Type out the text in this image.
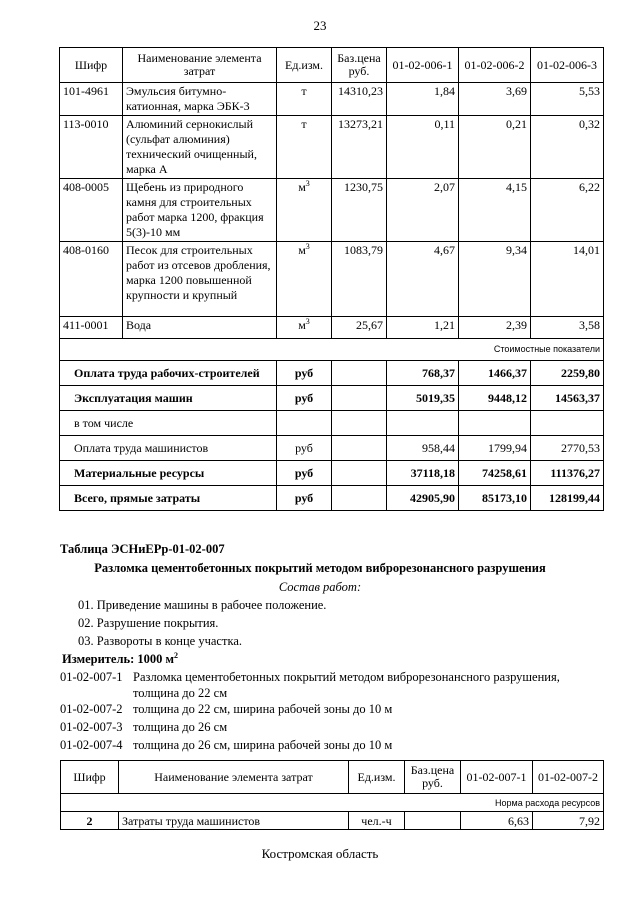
23
Шифр	Наименование элемента затрат	Ед.изм.	Баз.цена руб.	01-02-006-1	01-02-006-2	01-02-006-3
101-4961	Эмульсия битумно-катионная, марка ЭБК-3	т	14310,23	1,84	3,69	5,53
113-0010	Алюминий сернокислый (сульфат алюминия) технический очищенный, марка А	т	13273,21	0,11	0,21	0,32
408-0005	Щебень из природного камня для строительных работ марка 1200, фракция 5(3)-10 мм	$м^3$	1230,75	2,07	4,15	6,22
408-0160	Песок для строительных работ из отсевов дробления, марка 1200 повышенной крупности и крупный	$м^3$	1083,79	4,67	9,34	14,01
411-0001	Вода	$м^3$	25,67	1,21	2,39	3,58
Стоимостные показатели						
Оплата труда рабочих-строителей		руб		768,37	1466,37	2259,80
Эксплуатация машин		руб		5019,35	9448,12	14563,37
в том числе						
Оплата труда машинистов		руб		958,44	1799,94	2770,53
Материальные ресурсы		руб		37118,18	74258,61	111376,27
Всего, прямые затраты		руб		42905,90	85173,10	128199,44
Таблица ЭСНиЕРр-01-02-007
Разломка цементобетонных покрытий методом виброрезонансного разрушения
Состав работ:
01. Приведение машины в рабочее положение.
02. Разрушение покрытия.
03. Развороты в конце участка.
Измеритель: 1000 $м^2$
01-02-007-1 Разломка цементобетонных покрытий методом виброрезонансного разрушения,
толщина до 22 см
01-02-007-2 толщина до 22 см, ширина рабочей зоны до 10 м
01-02-007-3 толщина до 26 см
01-02-007-4 толщина до 26 см, ширина рабочей зоны до 10 м
Шифр	Наименование элемента затрат	Ед.изм.	Баз.цена руб.	01-02-007-1	01-02-007-2
Норма расхода ресурсов					
2	Затраты труда машинистов	чел.-ч		6,63	7,92
Костромская область
